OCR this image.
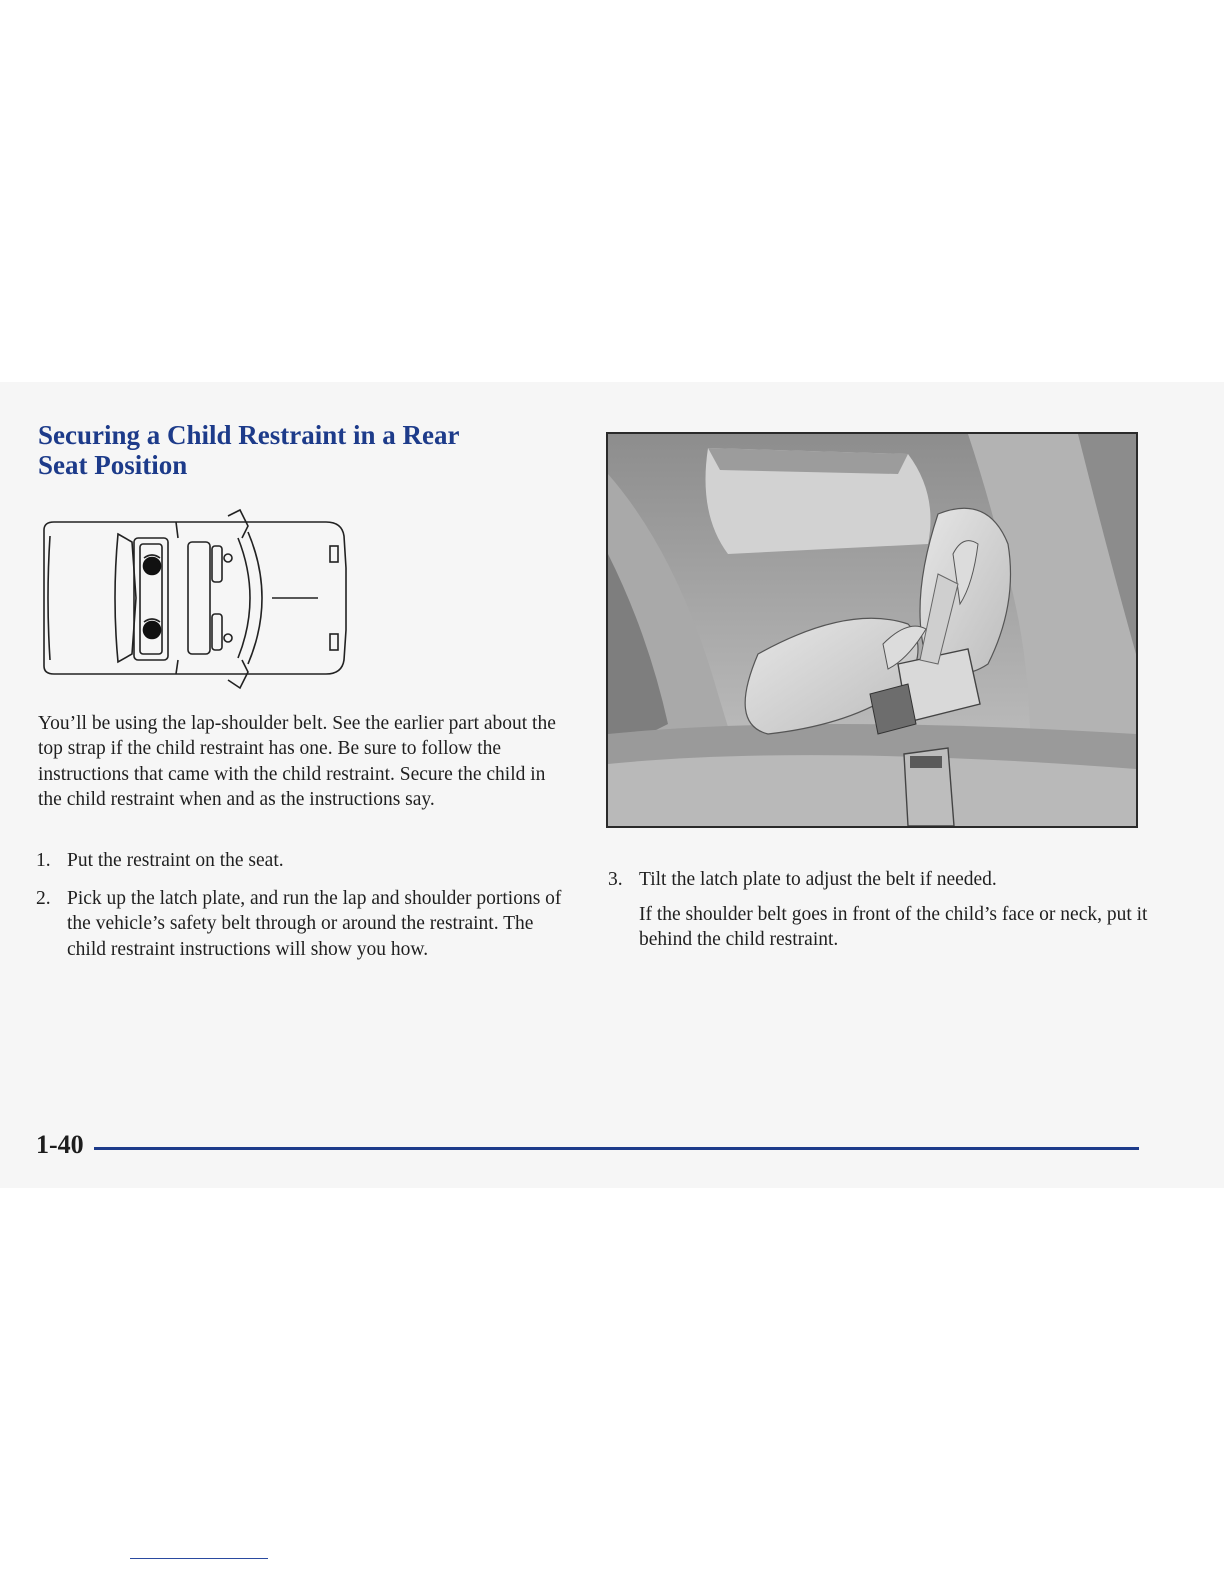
Securing a Child Restraint in a Rear
Seat Position

You’ll be using the lap-shoulder belt. See the earlier part about the top strap if the child restraint has one. Be sure to follow the instructions that came with the child restraint. Secure the child in the child restraint when and as the instructions say.

1. Put the restraint on the seat.
2. Pick up the latch plate, and run the lap and shoulder portions of the vehicle’s safety belt through or around the restraint. The child restraint instructions will show you how.
3. Tilt the latch plate to adjust the belt if needed.

If the shoulder belt goes in front of the child’s face or neck, put it behind the child restraint.

1-40
